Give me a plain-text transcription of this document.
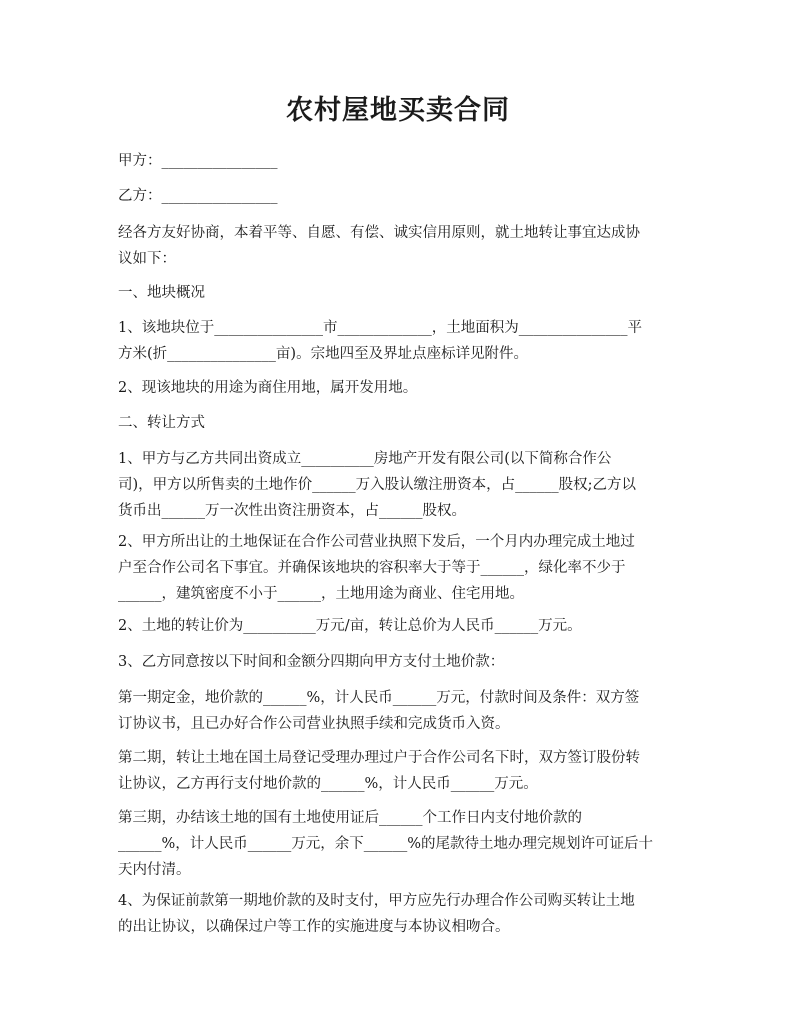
农村屋地买卖合同
甲方：________________
乙方：________________
经各方友好协商，本着平等、自愿、有偿、诚实信用原则，就土地转让事宜达成协
议如下：
一、地块概况
1、该地块位于_______________市_____________，土地面积为_______________平
方米(折_______________亩)。宗地四至及界址点座标详见附件。
2、现该地块的用途为商住用地，属开发用地。
二、转让方式
1、甲方与乙方共同出资成立__________房地产开发有限公司(以下简称合作公
司)，甲方以所售卖的土地作价______万入股认缴注册资本，占______股权;乙方以
货币出______万一次性出资注册资本，占______股权。
2、甲方所出让的土地保证在合作公司营业执照下发后，一个月内办理完成土地过
户至合作公司名下事宜。并确保该地块的容积率大于等于______，绿化率不少于
______，建筑密度不小于______，土地用途为商业、住宅用地。
2、土地的转让价为__________万元/亩，转让总价为人民币______万元。
3、乙方同意按以下时间和金额分四期向甲方支付土地价款：
第一期定金，地价款的______%，计人民币______万元，付款时间及条件：双方签
订协议书，且已办好合作公司营业执照手续和完成货币入资。
第二期，转让土地在国土局登记受理办理过户于合作公司名下时，双方签订股份转
让协议，乙方再行支付地价款的______%，计人民币______万元。
第三期，办结该土地的国有土地使用证后______个工作日内支付地价款的
______%，计人民币______万元，余下______%的尾款待土地办理完规划许可证后十
天内付清。
4、为保证前款第一期地价款的及时支付，甲方应先行办理合作公司购买转让土地
的出让协议，以确保过户等工作的实施进度与本协议相吻合。
